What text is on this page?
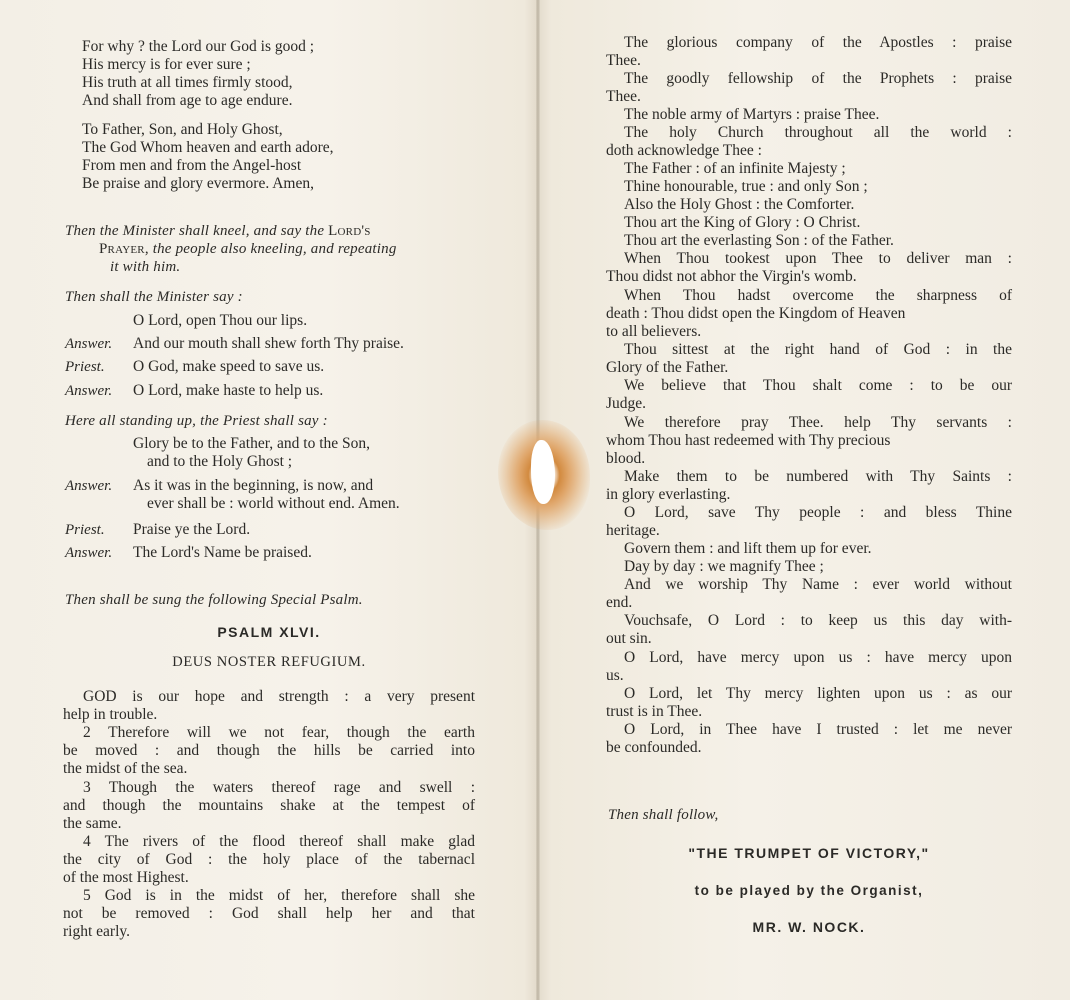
For why ? the Lord our God is good ;
His mercy is for ever sure ;
His truth at all times firmly stood,
And shall from age to age endure.
To Father, Son, and Holy Ghost,
The God Whom heaven and earth adore,
From men and from the Angel-host
Be praise and glory evermore. Amen,
Then the Minister shall kneel, and say the Lord's
Prayer, the people also kneeling, and repeating
it with him.
Then shall the Minister say :
O Lord, open Thou our lips.
Answer. And our mouth shall shew forth Thy praise.
Priest. O God, make speed to save us.
Answer. O Lord, make haste to help us.
Here all standing up, the Priest shall say :
Glory be to the Father, and to the Son,
and to the Holy Ghost ;
Answer. As it was in the beginning, is now, and
ever shall be : world without end. Amen.
Priest. Praise ye the Lord.
Answer. The Lord's Name be praised.
Then shall be sung the following Special Psalm.
PSALM XLVI.
DEUS NOSTER REFUGIUM.
GOD is our hope and strength : a very present
help in trouble.
2 Therefore will we not fear, though the earth
be moved : and though the hills be carried into
the midst of the sea.
3 Though the waters thereof rage and swell :
and though the mountains shake at the tempest of
the same.
4 The rivers of the flood thereof shall make glad
the city of God : the holy place of the tabernacl
of the most Highest.
5 God is in the midst of her, therefore shall she
not be removed : God shall help her and that
right early.
The glorious company of the Apostles : praise
Thee.
The goodly fellowship of the Prophets : praise
Thee.
The noble army of Martyrs : praise Thee.
The holy Church throughout all the world :
doth acknowledge Thee :
The Father : of an infinite Majesty ;
Thine honourable, true : and only Son ;
Also the Holy Ghost : the Comforter.
Thou art the King of Glory : O Christ.
Thou art the everlasting Son : of the Father.
When Thou tookest upon Thee to deliver man :
Thou didst not abhor the Virgin's womb.
When Thou hadst overcome the sharpness of
death : Thou didst open the Kingdom of Heaven
to all believers.
Thou sittest at the right hand of God : in the
Glory of the Father.
We believe that Thou shalt come : to be our
Judge.
We therefore pray Thee. help Thy servants :
whom Thou hast redeemed with Thy precious
blood.
Make them to be numbered with Thy Saints :
in glory everlasting.
O Lord, save Thy people : and bless Thine
heritage.
Govern them : and lift them up for ever.
Day by day : we magnify Thee ;
And we worship Thy Name : ever world without
end.
Vouchsafe, O Lord : to keep us this day with-
out sin.
O Lord, have mercy upon us : have mercy upon
us.
O Lord, let Thy mercy lighten upon us : as our
trust is in Thee.
O Lord, in Thee have I trusted : let me never
be confounded.
Then shall follow,
"THE TRUMPET OF VICTORY,"
to be played by the Organist,
MR. W. NOCK.
